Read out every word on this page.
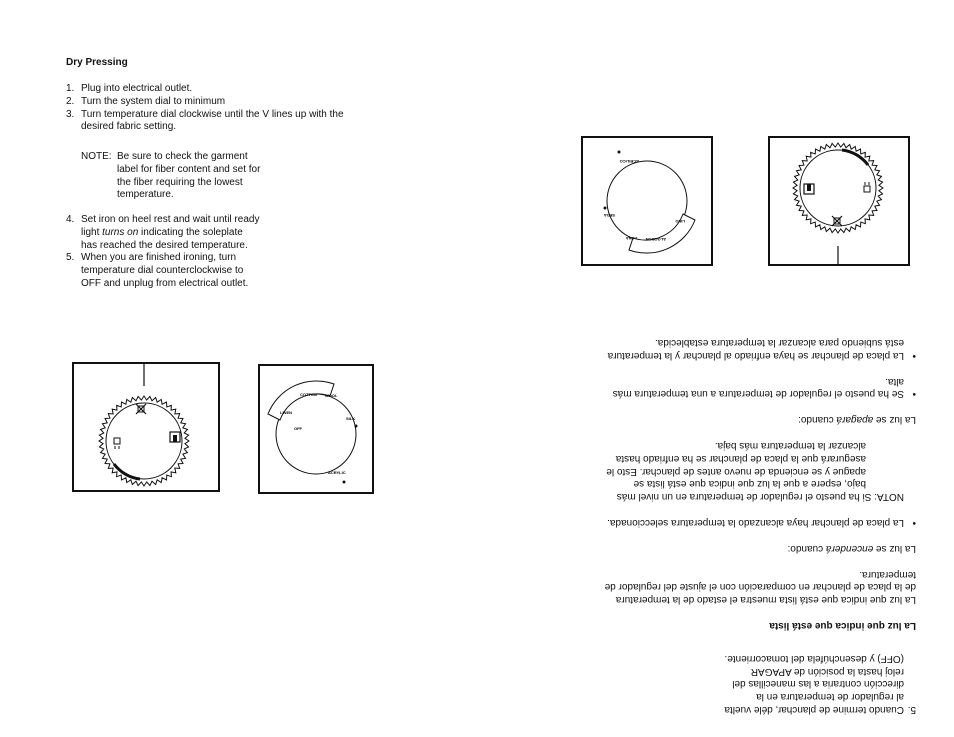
Dry Pressing
1. Plug into electrical outlet.
2. Turn the system dial to minimum
3. Turn temperature dial clockwise until the V lines up with the
desired fabric setting.
NOTE: Be sure to check the garment
label for fiber content and set for
the fiber requiring the lowest
temperature.
4. Set iron on heel rest and wait until ready
light turns on indicating the soleplate
has reached the desired temperature.
5. When you are finished ironing, turn
temperature dial counterclockwise to
OFF and unplug from electrical outlet.
COTTON WOOL
LINEN
SILK
OFF
ACRYLIC
ALGODON
LANA
LINO
SEDA
ACRILICO
5.
Cuando termine de planchar, déle vuelta
al regulador de temperatura en la
dirección contraria a las manecillas del
reloj hasta la posición de APAGAR
(OFF) y desenchúfela del tomacorriente.
La luz que indica que está lista
La luz que indica que está lista muestra el estado de la temperatura
de la placa de planchar en comparación con el ajuste del regulador de
temperatura.
La luz se encenderá cuando:
•
La placa de planchar haya alcanzado la temperatura seleccionada.
NOTA: Si ha puesto el regulador de temperatura en un nivel más
bajo, espere a que la luz que indica que está lista se
apague y se encienda de nuevo antes de planchar. Esto le
asegurará que la placa de planchar se ha enfriado hasta
alcanzar la temperatura más baja.
La luz se apagará cuando:
•
Se ha puesto el regulador de temperatura a una temperatura más
alta.
•
La placa de planchar se haya enfriado al planchar y la temperatura
está subiendo para alcanzar la temperatura establecida.
